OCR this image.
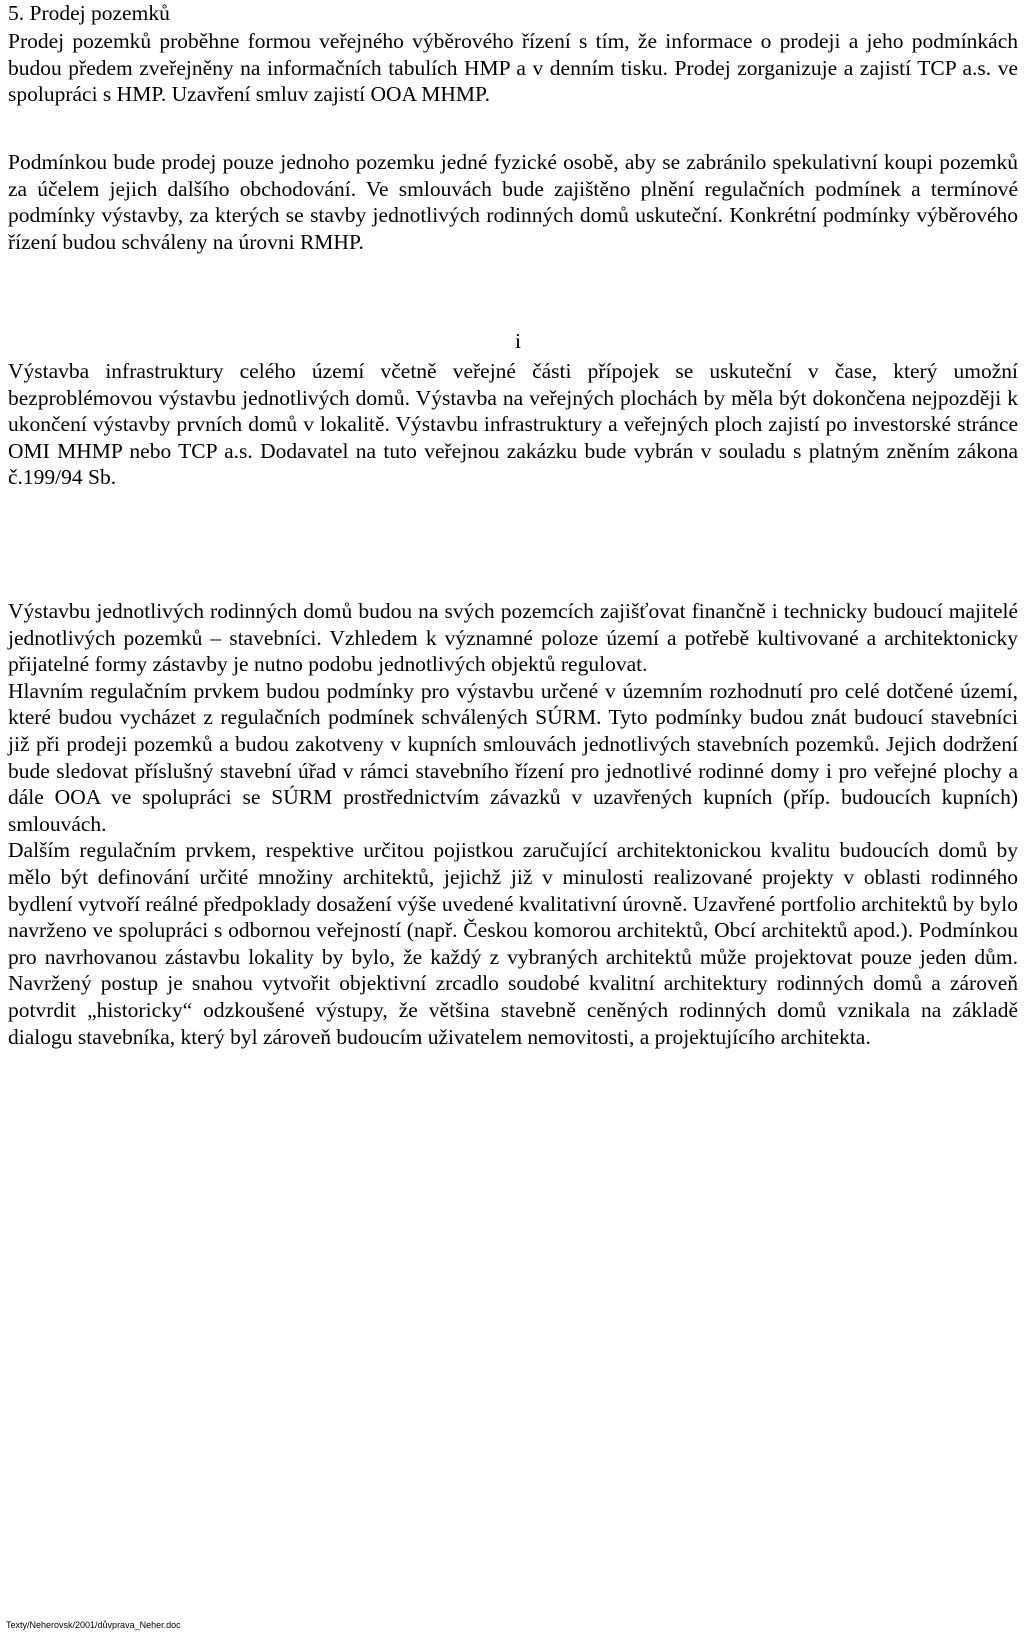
5. Prodej pozemků

Prodej pozemků proběhne formou veřejného výběrového řízení s tím, že informace o prodeji a jeho podmínkách budou předem zveřejněny na informačních tabulích HMP a v denním tisku. Prodej zorganizuje a zajistí TCP a.s. ve spolupráci s HMP. Uzavření smluv zajistí OOA MHMP.

Podmínkou bude prodej pouze jednoho pozemku jedné fyzické osobě, aby se zabránilo spekulativní koupi pozemků za účelem jejich dalšího obchodování. Ve smlouvách bude zajištěno plnění regulačních podmínek a termínové podmínky výstavby, za kterých se stavby jednotlivých rodinných domů uskuteční. Konkrétní podmínky výběrového řízení budou schváleny na úrovni RMHP.

i

Výstavba infrastruktury celého území včetně veřejné části přípojek se uskuteční v čase, který umožní bezproblémovou výstavbu jednotlivých domů. Výstavba na veřejných plochách by měla být dokončena nejpozději k ukončení výstavby prvních domů v lokalitě. Výstavbu infrastruktury a veřejných ploch zajistí po investorské stránce OMI MHMP nebo TCP a.s. Dodavatel na tuto veřejnou zakázku bude vybrán v souladu s platným zněním zákona č.199/94 Sb.

Výstavbu jednotlivých rodinných domů budou na svých pozemcích zajišťovat finančně i technicky budoucí majitelé jednotlivých pozemků – stavebníci. Vzhledem k významné poloze území a potřebě kultivované a architektonicky přijatelné formy zástavby je nutno podobu jednotlivých objektů regulovat.

Hlavním regulačním prvkem budou podmínky pro výstavbu určené v územním rozhodnutí pro celé dotčené území, které budou vycházet z regulačních podmínek schválených SÚRM. Tyto podmínky budou znát budoucí stavebníci již při prodeji pozemků a budou zakotveny v kupních smlouvách jednotlivých stavebních pozemků. Jejich dodržení bude sledovat příslušný stavební úřad v rámci stavebního řízení pro jednotlivé rodinné domy i pro veřejné plochy a dále OOA ve spolupráci se SÚRM prostřednictvím závazků v uzavřených kupních (příp. budoucích kupních) smlouvách.

Dalším regulačním prvkem, respektive určitou pojistkou zaručující architektonickou kvalitu budoucích domů by mělo být definování určité množiny architektů, jejichž již v minulosti realizované projekty v oblasti rodinného bydlení vytvoří reálné předpoklady dosažení výše uvedené kvalitativní úrovně. Uzavřené portfolio architektů by bylo navrženo ve spolupráci s odbornou veřejností (např. Českou komorou architektů, Obcí architektů apod.). Podmínkou pro navrhovanou zástavbu lokality by bylo, že každý z vybraných architektů může projektovat pouze jeden dům. Navržený postup je snahou vytvořit objektivní zrcadlo soudobé kvalitní architektury rodinných domů a zároveň potvrdit „historicky“ odzkoušené výstupy, že většina stavebně ceněných rodinných domů vznikala na základě dialogu stavebníka, který byl zároveň budoucím uživatelem nemovitosti, a projektujícího architekta.

Texty/Neherovsk/2001/důvprava_Neher.doc
